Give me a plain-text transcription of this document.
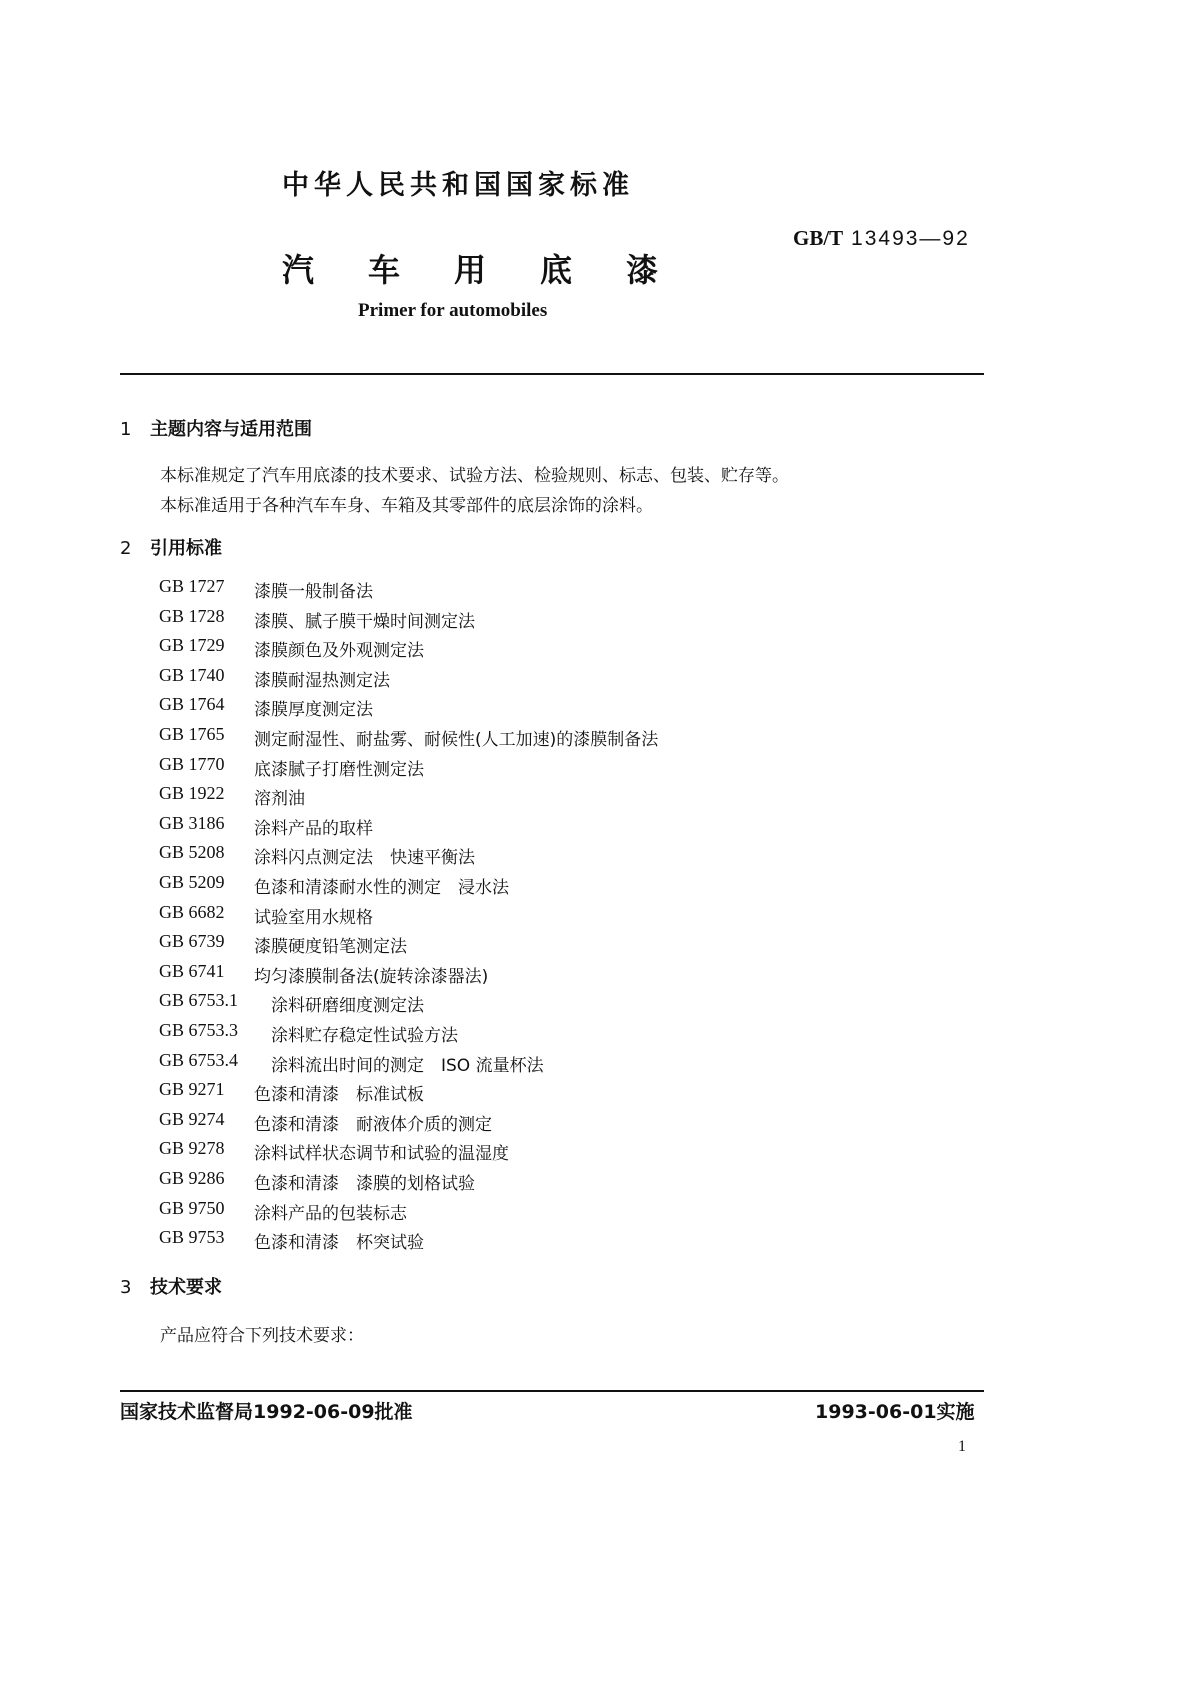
中华人民共和国国家标准
GB/T 13493—92
汽车用底漆
Primer for automobiles
1 主题内容与适用范围
本标准规定了汽车用底漆的技术要求、试验方法、检验规则、标志、包装、贮存等。
本标准适用于各种汽车车身、车箱及其零部件的底层涂饰的涂料。
2 引用标准
GB 1727 漆膜一般制备法
GB 1728 漆膜、腻子膜干燥时间测定法
GB 1729 漆膜颜色及外观测定法
GB 1740 漆膜耐湿热测定法
GB 1764 漆膜厚度测定法
GB 1765 测定耐湿性、耐盐雾、耐候性(人工加速)的漆膜制备法
GB 1770 底漆腻子打磨性测定法
GB 1922 溶剂油
GB 3186 涂料产品的取样
GB 5208 涂料闪点测定法　快速平衡法
GB 5209 色漆和清漆耐水性的测定　浸水法
GB 6682 试验室用水规格
GB 6739 漆膜硬度铅笔测定法
GB 6741 均匀漆膜制备法(旋转涂漆器法)
GB 6753.1 涂料研磨细度测定法
GB 6753.3 涂料贮存稳定性试验方法
GB 6753.4 涂料流出时间的测定　ISO 流量杯法
GB 9271 色漆和清漆　标准试板
GB 9274 色漆和清漆　耐液体介质的测定
GB 9278 涂料试样状态调节和试验的温湿度
GB 9286 色漆和清漆　漆膜的划格试验
GB 9750 涂料产品的包装标志
GB 9753 色漆和清漆　杯突试验
3 技术要求
产品应符合下列技术要求：
国家技术监督局1992-06-09批准	1993-06-01实施
1
